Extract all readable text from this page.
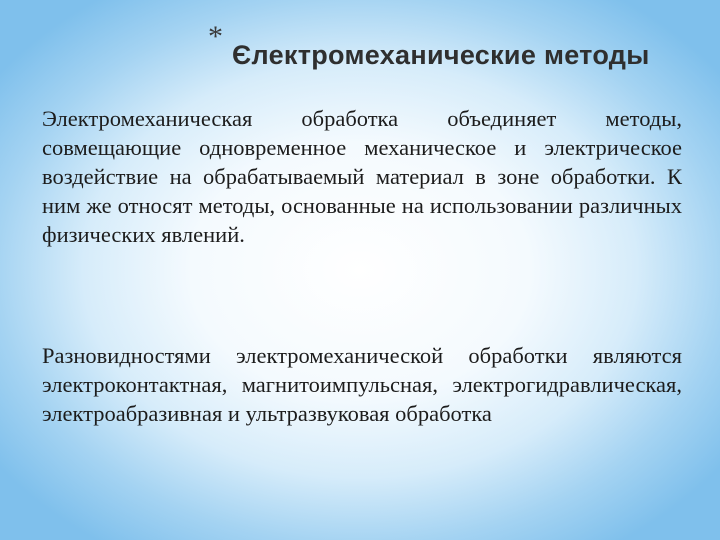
*
Єлектромеханические методы
Электромеханическая обработка объединяет методы, совмещающие одновременное механическое и электрическое воздействие на обрабатываемый материал в зоне обработки. К ним же относят методы, основанные на использовании различных физических явлений.
Разновидностями электромеханической обработки являются электроконтактная, магнитоимпульсная, электрогидравлическая, электроабразивная и ультразвуковая обработка
